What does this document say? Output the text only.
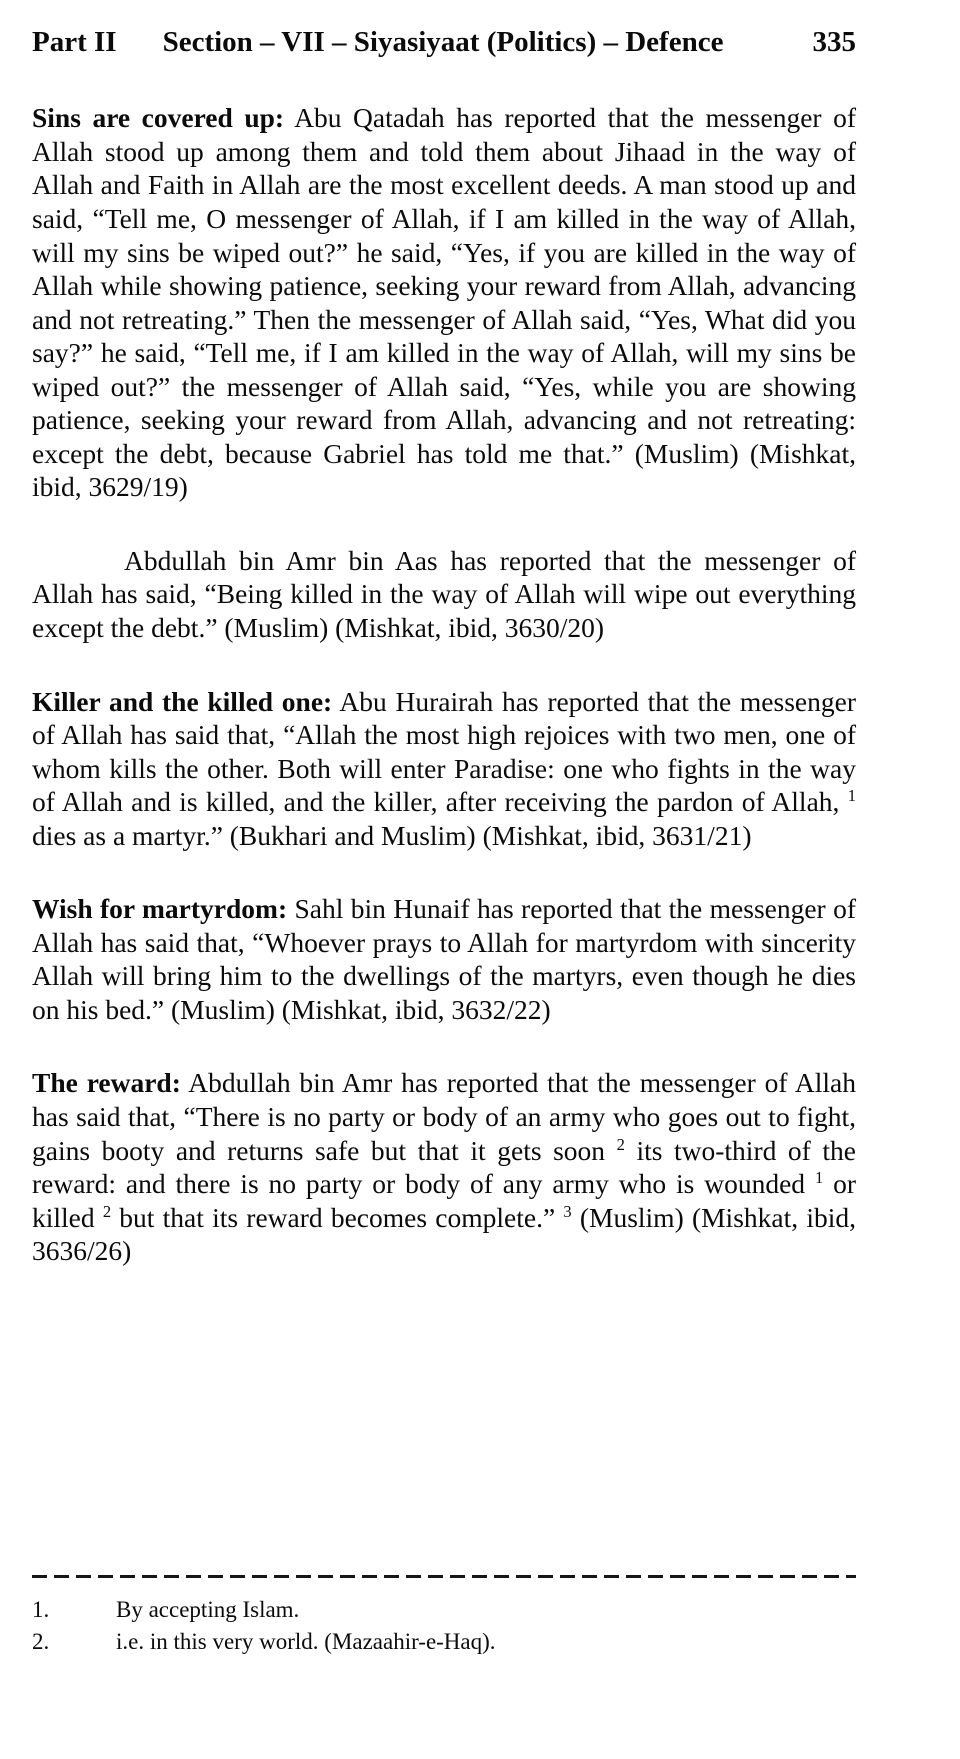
Part II Section – VII – Siyasiyaat (Politics) – Defence	335

Sins are covered up: Abu Qatadah has reported that the messenger of Allah stood up among them and told them about Jihaad in the way of Allah and Faith in Allah are the most excellent deeds. A man stood up and said, “Tell me, O messenger of Allah, if I am killed in the way of Allah, will my sins be wiped out?” he said, “Yes, if you are killed in the way of Allah while showing patience, seeking your reward from Allah, advancing and not retreating.” Then the messenger of Allah said, “Yes, What did you say?” he said, “Tell me, if I am killed in the way of Allah, will my sins be wiped out?” the messenger of Allah said, “Yes, while you are showing patience, seeking your reward from Allah, advancing and not retreating: except the debt, because Gabriel has told me that.” (Muslim) (Mishkat, ibid, 3629/19)

Abdullah bin Amr bin Aas has reported that the messenger of Allah has said, “Being killed in the way of Allah will wipe out everything except the debt.” (Muslim) (Mishkat, ibid, 3630/20)

Killer and the killed one: Abu Hurairah has reported that the messenger of Allah has said that, “Allah the most high rejoices with two men, one of whom kills the other. Both will enter Paradise: one who fights in the way of Allah and is killed, and the killer, after receiving the pardon of Allah, $^1$ dies as a martyr.” (Bukhari and Muslim) (Mishkat, ibid, 3631/21)

Wish for martyrdom: Sahl bin Hunaif has reported that the messenger of Allah has said that, “Whoever prays to Allah for martyrdom with sincerity Allah will bring him to the dwellings of the martyrs, even though he dies on his bed.” (Muslim) (Mishkat, ibid, 3632/22)

The reward: Abdullah bin Amr has reported that the messenger of Allah has said that, “There is no party or body of an army who goes out to fight, gains booty and returns safe but that it gets soon $^2$ its two-third of the reward: and there is no party or body of any army who is wounded $^1$ or killed $^2$ but that its reward becomes complete.” $^3$ (Muslim) (Mishkat, ibid, 3636/26)

1.	By accepting Islam.
2.	i.e. in this very world. (Mazaahir-e-Haq).
